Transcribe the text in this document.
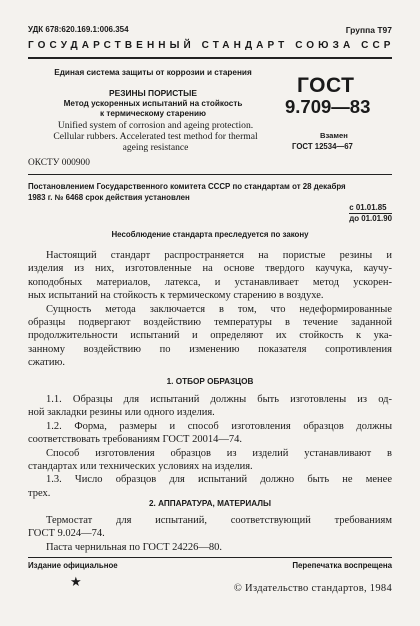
УДК 678:620.169.1:006.354	Группа Т97
ГОСУДАРСТВЕННЫЙ СТАНДАРТ СОЮЗА ССР
Единая система защиты от коррозии и старения
РЕЗИНЫ ПОРИСТЫЕ
Метод ускоренных испытаний на стойкость
к термическому старению
Unified system of corrosion and ageing protection.
Cellular rubbers. Accelerated test method for thermal
ageing resistance
ОКСТУ 000900
ГОСТ
9.709—83
Взамен
ГОСТ 12534—67
Постановлением Государственного комитета СССР по стандартам от 28 декабря
1983 г. № 6468 срок действия установлен
с 01.01.85
до 01.01.90
Несоблюдение стандарта преследуется по закону
Настоящий стандарт распространяется на пористые резины и
изделия из них, изготовленные на основе твердого каучука, каучу-
коподобных материалов, латекса, и устанавливает метод ускорен-
ных испытаний на стойкость к термическому старению в воздухе.
Сущность метода заключается в том, что недеформированные
образцы подвергают воздействию температуры в течение заданной
продолжительности испытаний и определяют их стойкость к ука-
занному воздействию по изменению показателя сопротивления
сжатию.
1. ОТБОР ОБРАЗЦОВ
1.1. Образцы для испытаний должны быть изготовлены из од-
ной закладки резины или одного изделия.
1.2. Форма, размеры и способ изготовления образцов должны
соответствовать требованиям ГОСТ 20014—74.
Способ изготовления образцов из изделий устанавливают в
стандартах или технических условиях на изделия.
1.3. Число образцов для испытаний должно быть не менее
трех.
2. АППАРАТУРА, МАТЕРИАЛЫ
Термостат для испытаний, соответствующий требованиям
ГОСТ 9.024—74.
Паста чернильная по ГОСТ 24226—80.
Издание официальное	Перепечатка воспрещена
★	© Издательство стандартов, 1984
